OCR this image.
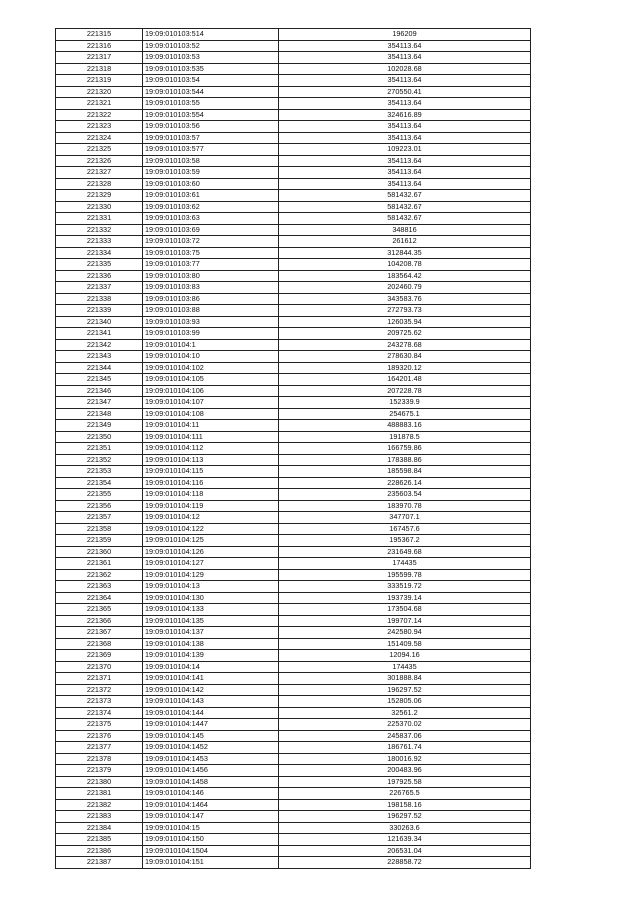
221315	19:09:010103:514	196209
221316	19:09:010103:52	354113.64
221317	19:09:010103:53	354113.64
221318	19:09:010103:535	102028.68
221319	19:09:010103:54	354113.64
221320	19:09:010103:544	270550.41
221321	19:09:010103:55	354113.64
221322	19:09:010103:554	324616.89
221323	19:09:010103:56	354113.64
221324	19:09:010103:57	354113.64
221325	19:09:010103:577	109223.01
221326	19:09:010103:58	354113.64
221327	19:09:010103:59	354113.64
221328	19:09:010103:60	354113.64
221329	19:09:010103:61	581432.67
221330	19:09:010103:62	581432.67
221331	19:09:010103:63	581432.67
221332	19:09:010103:69	348816
221333	19:09:010103:72	261612
221334	19:09:010103:75	312844.35
221335	19:09:010103:77	104208.78
221336	19:09:010103:80	183564.42
221337	19:09:010103:83	202460.79
221338	19:09:010103:86	343583.76
221339	19:09:010103:88	272793.73
221340	19:09:010103:93	126035.94
221341	19:09:010103:99	209725.62
221342	19:09:010104:1	243278.68
221343	19:09:010104:10	278630.84
221344	19:09:010104:102	189320.12
221345	19:09:010104:105	164201.48
221346	19:09:010104:106	207228.78
221347	19:09:010104:107	152339.9
221348	19:09:010104:108	254675.1
221349	19:09:010104:11	488883.16
221350	19:09:010104:111	191878.5
221351	19:09:010104:112	166759.86
221352	19:09:010104:113	178388.86
221353	19:09:010104:115	185598.84
221354	19:09:010104:116	228626.14
221355	19:09:010104:118	235603.54
221356	19:09:010104:119	183970.78
221357	19:09:010104:12	347707.1
221358	19:09:010104:122	167457.6
221359	19:09:010104:125	195367.2
221360	19:09:010104:126	231649.68
221361	19:09:010104:127	174435
221362	19:09:010104:129	195599.78
221363	19:09:010104:13	333519.72
221364	19:09:010104:130	193739.14
221365	19:09:010104:133	173504.68
221366	19:09:010104:135	199707.14
221367	19:09:010104:137	242580.94
221368	19:09:010104:138	151409.58
221369	19:09:010104:139	12094.16
221370	19:09:010104:14	174435
221371	19:09:010104:141	301888.84
221372	19:09:010104:142	196297.52
221373	19:09:010104:143	152805.06
221374	19:09:010104:144	32561.2
221375	19:09:010104:1447	225370.02
221376	19:09:010104:145	245837.06
221377	19:09:010104:1452	186761.74
221378	19:09:010104:1453	180016.92
221379	19:09:010104:1456	200483.96
221380	19:09:010104:1458	197925.58
221381	19:09:010104:146	226765.5
221382	19:09:010104:1464	198158.16
221383	19:09:010104:147	196297.52
221384	19:09:010104:15	330263.6
221385	19:09:010104:150	121639.34
221386	19:09:010104:1504	206531.04
221387	19:09:010104:151	228858.72
